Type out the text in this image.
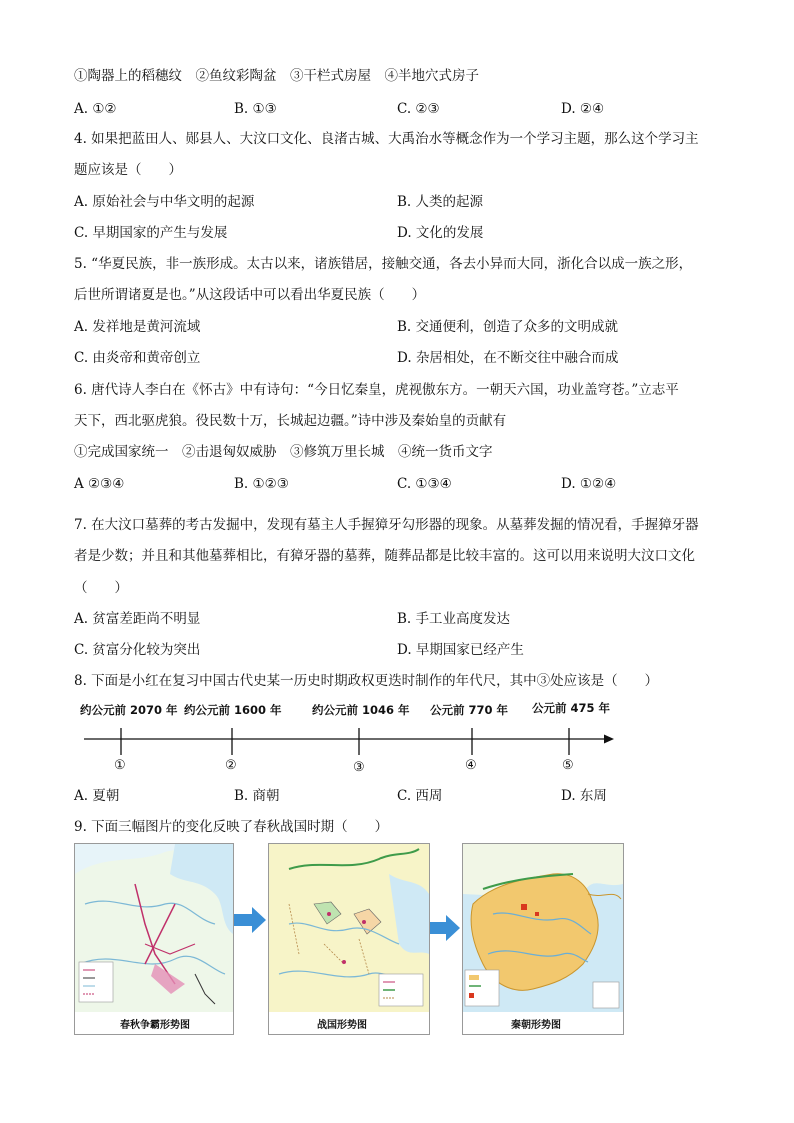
①陶器上的稻穗纹　②鱼纹彩陶盆　③干栏式房屋　④半地穴式房子
A. ①②	B. ①③	C. ②③	D. ②④
4. 如果把蓝田人、郧县人、大汶口文化、良渚古城、大禹治水等概念作为一个学习主题，那么这个学习主
题应该是（　　）
A. 原始社会与中华文明的起源	B. 人类的起源
C. 早期国家的产生与发展	D. 文化的发展
5. “华夏民族，非一族形成。太古以来，诸族错居，接触交通，各去小异而大同，浙化合以成一族之形，
后世所谓诸夏是也。”从这段话中可以看出华夏民族（　　）
A. 发祥地是黄河流域	B. 交通便利，创造了众多的文明成就
C. 由炎帝和黄帝创立	D. 杂居相处，在不断交往中融合而成
6. 唐代诗人李白在《怀古》中有诗句：“今日忆秦皇，虎视傲东方。一朝天六国，功业盖穹苍。”立志平
天下，西北驱虎狼。役民数十万，长城起边疆。”诗中涉及秦始皇的贡献有
①完成国家统一　②击退匈奴威胁　③修筑万里长城　④统一货币文字
A ②③④	B. ①②③	C. ①③④	D. ①②④
7. 在大汶口墓葬的考古发掘中，发现有墓主人手握獐牙勾形器的现象。从墓葬发掘的情况看，手握獐牙器
者是少数；并且和其他墓葬相比，有獐牙器的墓葬，随葬品都是比较丰富的。这可以用来说明大汶口文化
（　　）
A. 贫富差距尚不明显	B. 手工业高度发达
C. 贫富分化较为突出	D. 早期国家已经产生
8. 下面是小红在复习中国古代史某一历史时期政权更迭时制作的年代尺，其中③处应该是（　　）
约公元前 2070 年 约公元前 1600 年	约公元前 1046 年 公元前 770 年 公元前 475 年
①	②	③	④	⑤
A. 夏朝	B. 商朝	C. 西周	D. 东周
9. 下面三幅图片的变化反映了春秋战国时期（　　）
春秋争霸形势图	战国形势图	秦朝形势图
